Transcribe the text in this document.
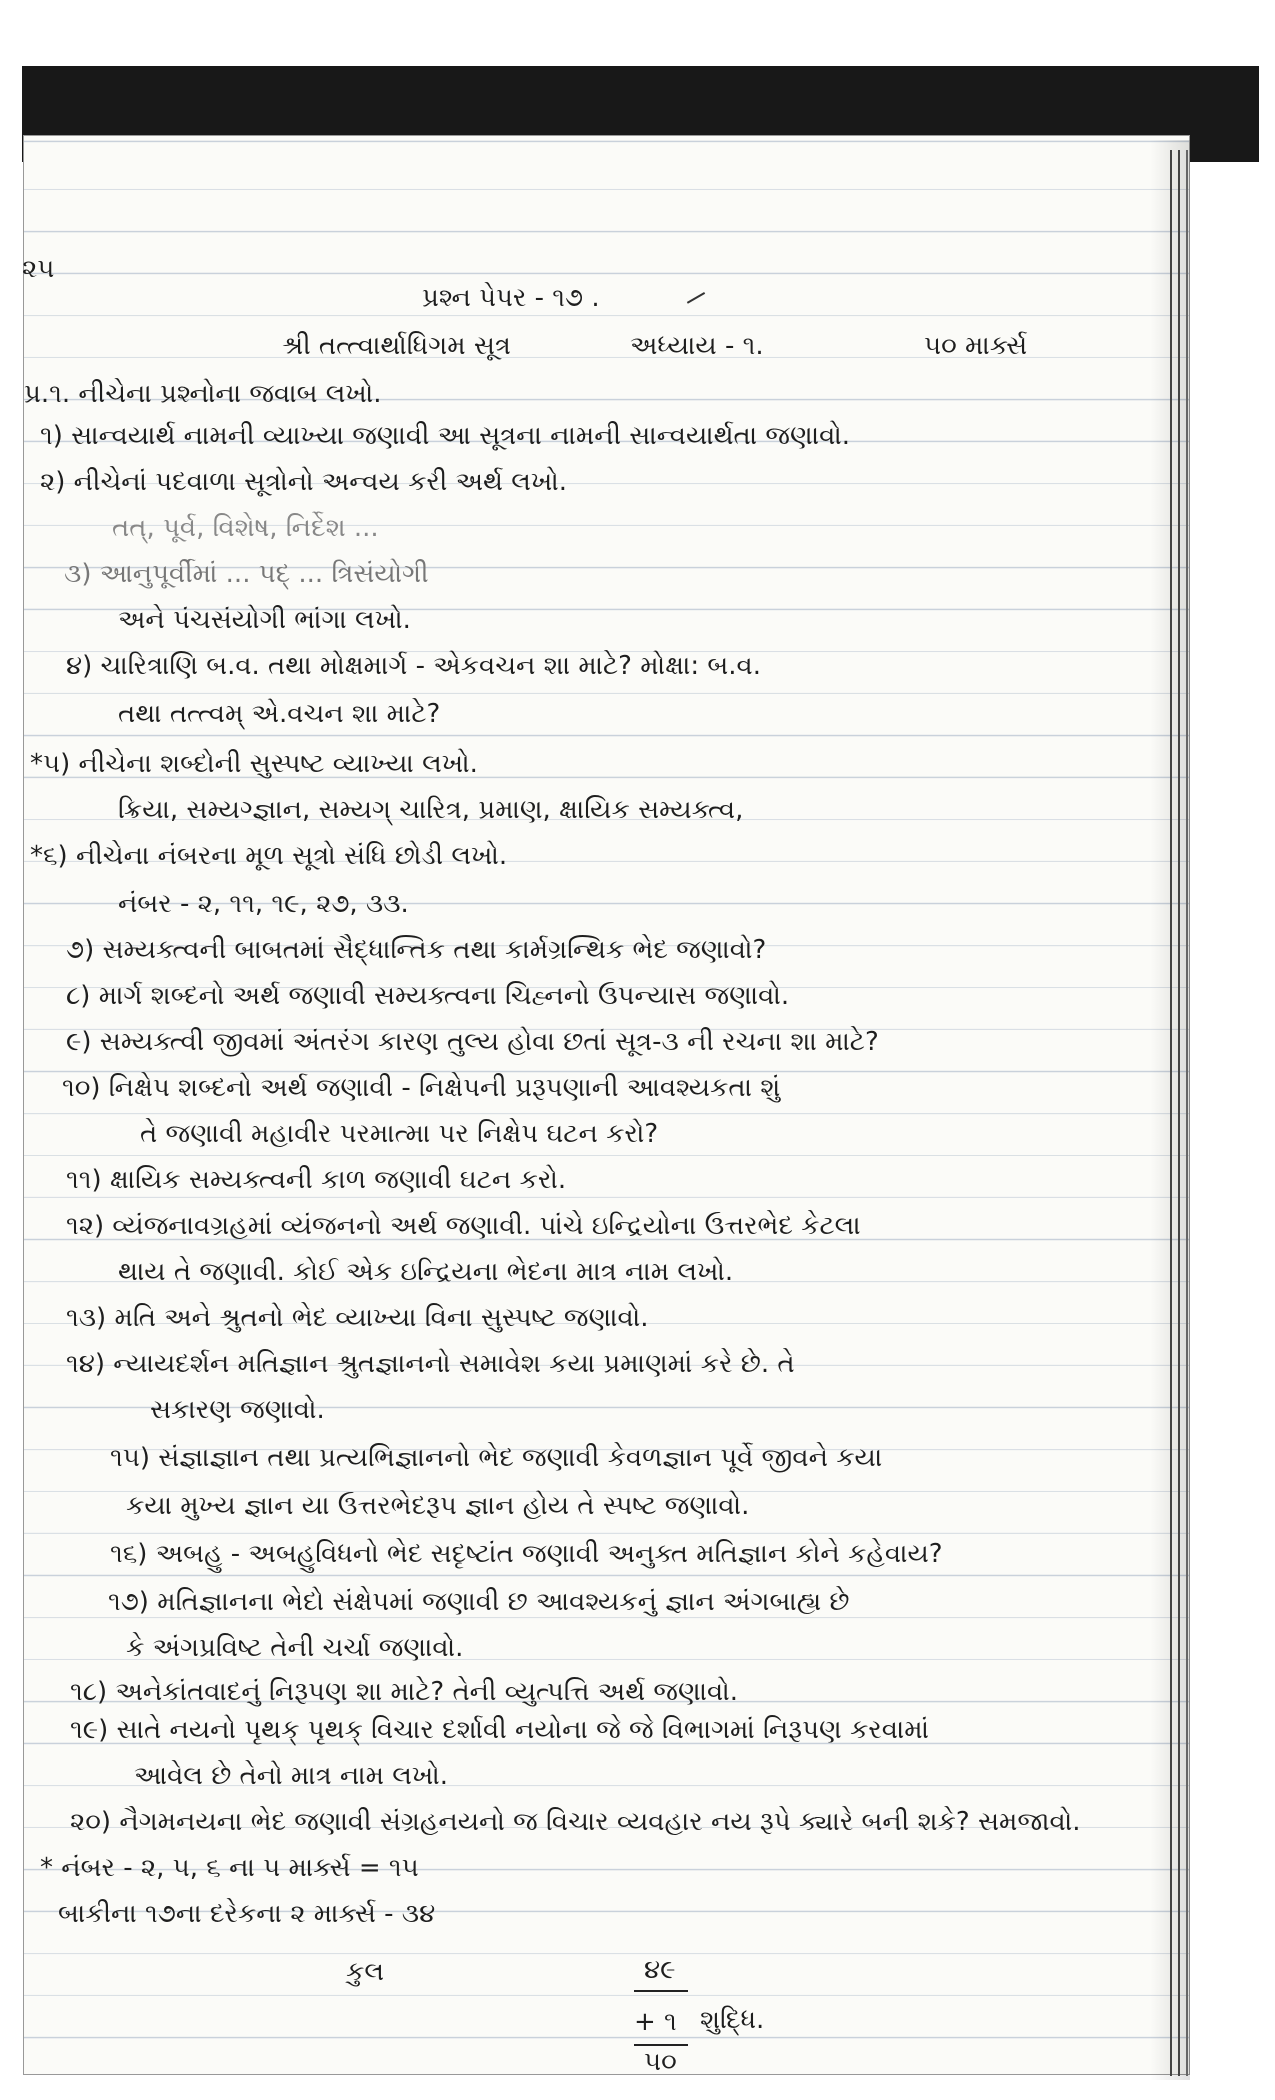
૨૫
પ્રશ્ન પેપર - ૧૭ .
શ્રી તત્ત્વાર્થાધિગમ સૂત્ર	અધ્યાય - ૧.	૫૦ માર્ક્સ
પ્ર.૧. નીચેના પ્રશ્નોના જવાબ લખો.
૧) સાન્વયાર્થ નામની વ્યાખ્યા જણાવી આ સૂત્રના નામની સાન્વયાર્થતા જણાવો.
૨) નીચેનાં પદવાળા સૂત્રોનો અન્વય કરી અર્થ લખો.
તત્, પૂર્વ, વિશેષ, નિર્દેશ ...
૩) આનુપૂર્વીમાં ... પદ્ ... ત્રિસંયોગી
અને પંચસંયોગી ભાંગા લખો.
૪) ચારિત્રાણિ બ.વ. તથા મોક્ષમાર્ગ - એકવચન શા માટે? મોક્ષા: બ.વ.
તથા તત્ત્વમ્ એ.વચન શા માટે?
*૫) નીચેના શબ્દોની સુસ્પષ્ટ વ્યાખ્યા લખો.
ક્રિયા, સમ્યગ્જ્ઞાન, સમ્યગ્ ચારિત્ર, પ્રમાણ, ક્ષાયિક સમ્યક્ત્વ,
*૬) નીચેના નંબરના મૂળ સૂત્રો સંધિ છોડી લખો.
નંબર - ૨, ૧૧, ૧૯, ૨૭, ૩૩.
૭) સમ્યક્ત્વની બાબતમાં સૈદ્ધાન્તિક તથા કાર્મગ્રન્થિક ભેદ જણાવો?
૮) માર્ગ શબ્દનો અર્થ જણાવી સમ્યક્ત્વના ચિહ્નનો ઉપન્યાસ જણાવો.
૯) સમ્યક્ત્વી જીવમાં અંતરંગ કારણ તુલ્ય હોવા છતાં સૂત્ર-૩ ની રચના શા માટે?
૧૦) નિક્ષેપ શબ્દનો અર્થ જણાવી - નિક્ષેપની પ્રરૂપણાની આવશ્યકતા શું
તે જણાવી મહાવીર પરમાત્મા પર નિક્ષેપ ઘટન કરો?
૧૧) ક્ષાયિક સમ્યક્ત્વની કાળ જણાવી ઘટન કરો.
૧૨) વ્યંજનાવગ્રહમાં વ્યંજનનો અર્થ જણાવી. પાંચે ઇન્દ્રિયોના ઉત્તરભેદ કેટલા
થાય તે જણાવી. કોઈ એક ઇન્દ્રિયના ભેદના માત્ર નામ લખો.
૧૩) મતિ અને શ્રુતનો ભેદ વ્યાખ્યા વિના સુસ્પષ્ટ જણાવો.
૧૪) ન્યાયદર્શન મતિજ્ઞાન શ્રુતજ્ઞાનનો સમાવેશ કયા પ્રમાણમાં કરે છે. તે
સકારણ જણાવો.
૧૫) સંજ્ઞાજ્ઞાન તથા પ્રત્યભિજ્ઞાનનો ભેદ જણાવી કેવળજ્ઞાન પૂર્વે જીવને કયા
કયા મુખ્ય જ્ઞાન યા ઉત્તરભેદરૂપ જ્ઞાન હોય તે સ્પષ્ટ જણાવો.
૧૬) અબહુ - અબહુવિધનો ભેદ સદૃષ્ટાંત જણાવી અનુક્ત મતિજ્ઞાન કોને કહેવાય?
૧૭) મતિજ્ઞાનના ભેદો સંક્ષેપમાં જણાવી છ આવશ્યકનું જ્ઞાન અંગબાહ્ય છે
કે અંગપ્રવિષ્ટ તેની ચર્ચા જણાવો.
૧૮) અનેકાંતવાદનું નિરૂપણ શા માટે? તેની વ્યુત્પત્તિ અર્થ જણાવો.
૧૯) સાતે નયનો પૃથક્ પૃથક્ વિચાર દર્શાવી નયોના જે જે વિભાગમાં નિરૂપણ કરવામાં
આવેલ છે તેનો માત્ર નામ લખો.
૨૦) નૈગમનયના ભેદ જણાવી સંગ્રહનયનો જ વિચાર વ્યવહાર નય રૂપે ક્યારે બની શકે? સમજાવો.
* નંબર - ૨, ૫, ૬ ના ૫ માર્ક્સ = ૧૫
બાકીના ૧૭ના દરેકના ૨ માર્ક્સ - ૩૪
કુલ	૪૯
+ ૧ શુદ્ધિ.
૫૦
